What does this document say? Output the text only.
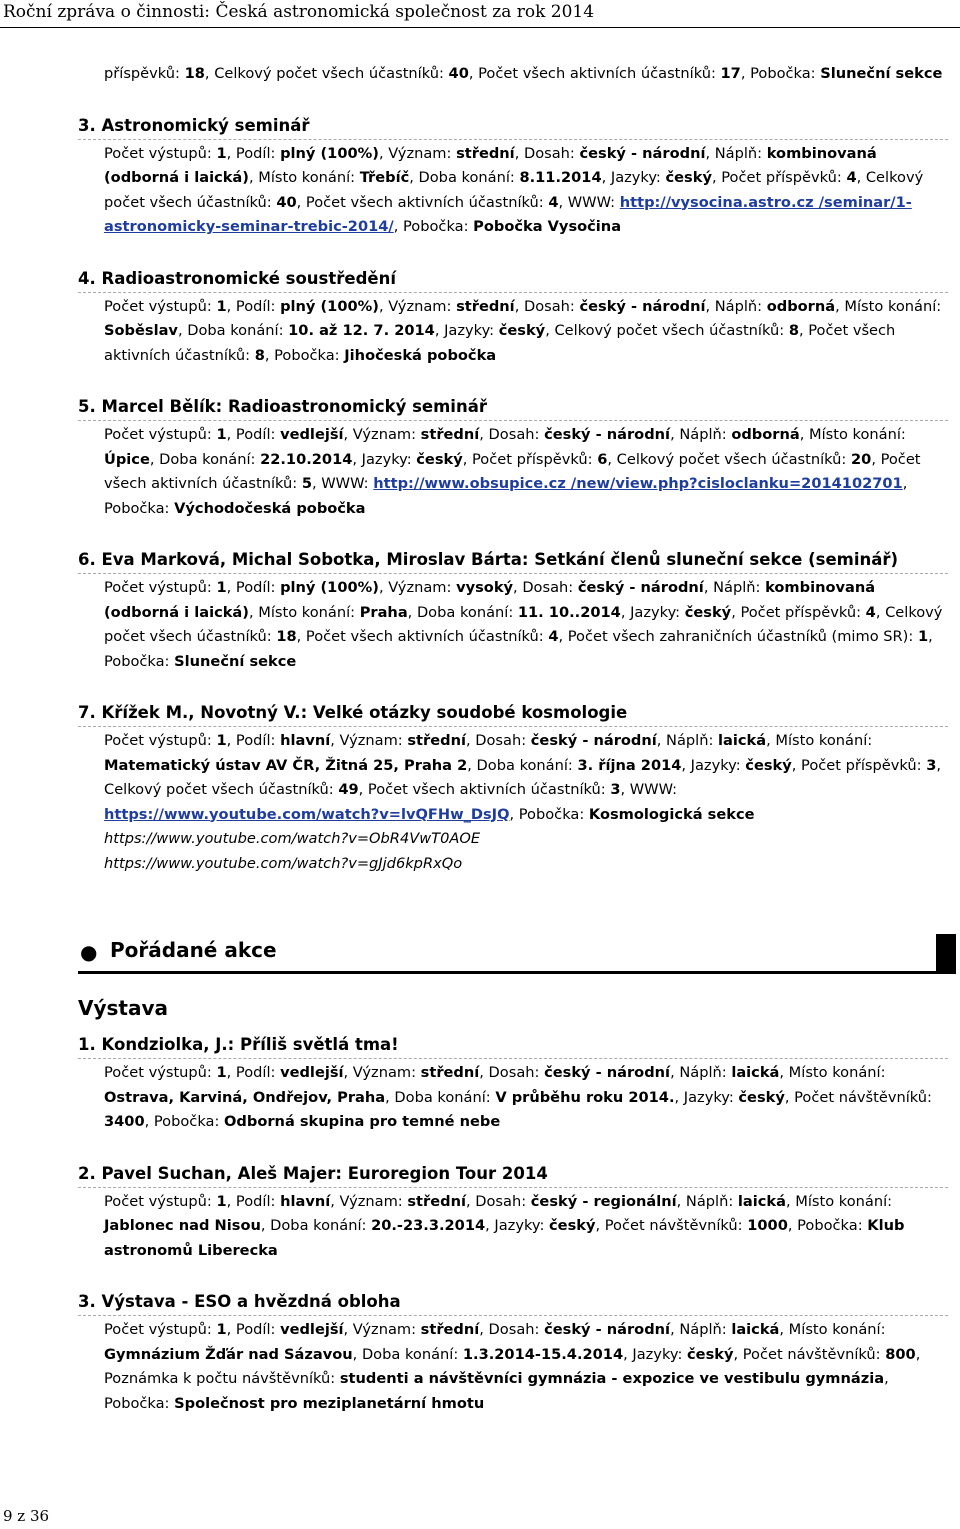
Roční zpráva o činnosti: Česká astronomická společnost za rok 2014
příspěvků: 18, Celkový počet všech účastníků: 40, Počet všech aktivních účastníků: 17, Pobočka: Sluneční sekce
3. Astronomický seminář
Počet výstupů: 1, Podíl: plný (100%), Význam: střední, Dosah: český - národní, Náplň: kombinovaná (odborná i laická), Místo konání: Třebíč, Doba konání: 8.11.2014, Jazyky: český, Počet příspěvků: 4, Celkový počet všech účastníků: 40, Počet všech aktivních účastníků: 4, WWW: http://vysocina.astro.cz /seminar/1-astronomicky-seminar-trebic-2014/, Pobočka: Pobočka Vysočina
4. Radioastronomické soustředění
Počet výstupů: 1, Podíl: plný (100%), Význam: střední, Dosah: český - národní, Náplň: odborná, Místo konání: Soběslav, Doba konání: 10. až 12. 7. 2014, Jazyky: český, Celkový počet všech účastníků: 8, Počet všech aktivních účastníků: 8, Pobočka: Jihočeská pobočka
5. Marcel Bělík: Radioastronomický seminář
Počet výstupů: 1, Podíl: vedlejší, Význam: střední, Dosah: český - národní, Náplň: odborná, Místo konání: Úpice, Doba konání: 22.10.2014, Jazyky: český, Počet příspěvků: 6, Celkový počet všech účastníků: 20, Počet všech aktivních účastníků: 5, WWW: http://www.obsupice.cz /new/view.php?cisloclanku=2014102701, Pobočka: Východočeská pobočka
6. Eva Marková, Michal Sobotka, Miroslav Bárta: Setkání členů sluneční sekce (seminář)
Počet výstupů: 1, Podíl: plný (100%), Význam: vysoký, Dosah: český - národní, Náplň: kombinovaná (odborná i laická), Místo konání: Praha, Doba konání: 11. 10..2014, Jazyky: český, Počet příspěvků: 4, Celkový počet všech účastníků: 18, Počet všech aktivních účastníků: 4, Počet všech zahraničních účastníků (mimo SR): 1, Pobočka: Sluneční sekce
7. Křížek M., Novotný V.: Velké otázky soudobé kosmologie
Počet výstupů: 1, Podíl: hlavní, Význam: střední, Dosah: český - národní, Náplň: laická, Místo konání: Matematický ústav AV ČR, Žitná 25, Praha 2, Doba konání: 3. října 2014, Jazyky: český, Počet příspěvků: 3, Celkový počet všech účastníků: 49, Počet všech aktivních účastníků: 3, WWW: https://www.youtube.com/watch?v=lvQFHw_DsJQ, Pobočka: Kosmologická sekce
https://www.youtube.com/watch?v=ObR4VwT0AOE
https://www.youtube.com/watch?v=gJjd6kpRxQo
● Pořádané akce
Výstava
1. Kondziolka, J.: Příliš světlá tma!
Počet výstupů: 1, Podíl: vedlejší, Význam: střední, Dosah: český - národní, Náplň: laická, Místo konání: Ostrava, Karviná, Ondřejov, Praha, Doba konání: V průběhu roku 2014., Jazyky: český, Počet návštěvníků: 3400, Pobočka: Odborná skupina pro temné nebe
2. Pavel Suchan, Aleš Majer: Euroregion Tour 2014
Počet výstupů: 1, Podíl: hlavní, Význam: střední, Dosah: český - regionální, Náplň: laická, Místo konání: Jablonec nad Nisou, Doba konání: 20.-23.3.2014, Jazyky: český, Počet návštěvníků: 1000, Pobočka: Klub astronomů Liberecka
3. Výstava - ESO a hvězdná obloha
Počet výstupů: 1, Podíl: vedlejší, Význam: střední, Dosah: český - národní, Náplň: laická, Místo konání: Gymnázium Žďár nad Sázavou, Doba konání: 1.3.2014-15.4.2014, Jazyky: český, Počet návštěvníků: 800, Poznámka k počtu návštěvníků: studenti a návštěvníci gymnázia - expozice ve vestibulu gymnázia, Pobočka: Společnost pro meziplanetární hmotu
9 z 36
